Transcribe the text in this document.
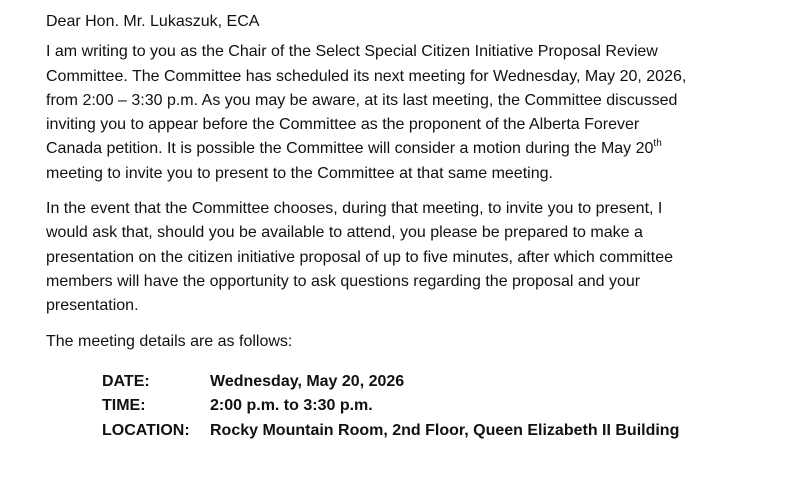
Dear Hon. Mr. Lukaszuk, ECA
I am writing to you as the Chair of the Select Special Citizen Initiative Proposal Review
Committee. The Committee has scheduled its next meeting for Wednesday, May 20, 2026,
from 2:00 – 3:30 p.m. As you may be aware, at its last meeting, the Committee discussed
inviting you to appear before the Committee as the proponent of the Alberta Forever
Canada petition. It is possible the Committee will consider a motion during the May 20th
meeting to invite you to present to the Committee at that same meeting.
In the event that the Committee chooses, during that meeting, to invite you to present, I
would ask that, should you be available to attend, you please be prepared to make a
presentation on the citizen initiative proposal of up to five minutes, after which committee
members will have the opportunity to ask questions regarding the proposal and your
presentation.
The meeting details are as follows:
DATE:	Wednesday, May 20, 2026
TIME:	2:00 p.m. to 3:30 p.m.
LOCATION:	Rocky Mountain Room, 2nd Floor, Queen Elizabeth II Building
